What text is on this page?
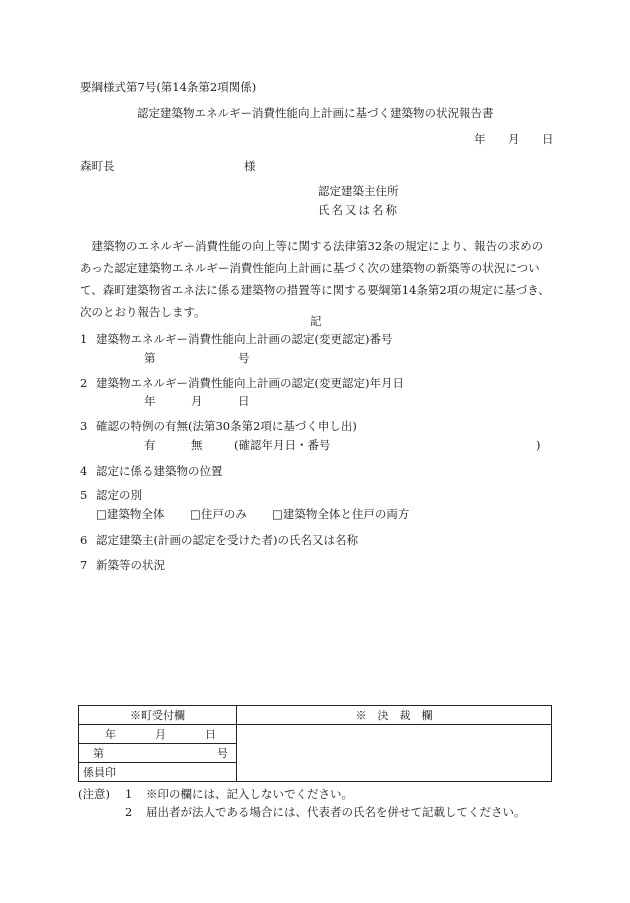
要綱様式第7号(第14条第2項関係)
認定建築物エネルギー消費性能向上計画に基づく建築物の状況報告書
年 月 日
森町長	様
認定建築主住所
氏名又は名称

建築物のエネルギー消費性能の向上等に関する法律第32条の規定により、報告の求めのあった認定建築物エネルギー消費性能向上計画に基づく次の建築物の新築等の状況について、森町建築物省エネ法に係る建築物の措置等に関する要綱第14条第2項の規定に基づき、次のとおり報告します。

記
1 建築物エネルギー消費性能向上計画の認定(変更認定)番号
第	号
2 建築物エネルギー消費性能向上計画の認定(変更認定)年月日
年	月	日
3 確認の特例の有無(法第30条第2項に基づく申し出)
有	無	(確認年月日・番号	)
4 認定に係る建築物の位置
5 認定の別
□建築物全体 □住戸のみ □建築物全体と住戸の両方
6 認定建築主(計画の認定を受けた者)の氏名又は名称
7 新築等の状況
※町受付欄	※　決　裁　欄

年 月 日	

第 号	

係員印	
(注意) 1 ※印の欄には、記入しないでください。
2 届出者が法人である場合には、代表者の氏名を併せて記載してください。
